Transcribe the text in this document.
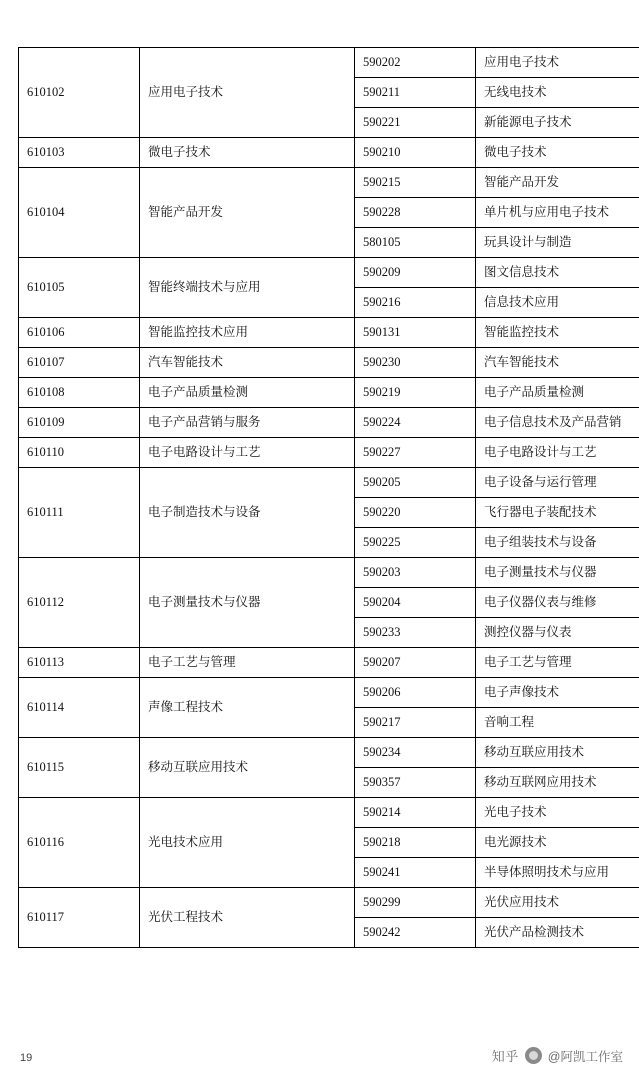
610102	应用电子技术	590202	应用电子技术
		590211	无线电技术
		590221	新能源电子技术
610103	微电子技术	590210	微电子技术
610104	智能产品开发	590215	智能产品开发
		590228	单片机与应用电子技术
		580105	玩具设计与制造
610105	智能终端技术与应用	590209	图文信息技术
		590216	信息技术应用
610106	智能监控技术应用	590131	智能监控技术
610107	汽车智能技术	590230	汽车智能技术
610108	电子产品质量检测	590219	电子产品质量检测
610109	电子产品营销与服务	590224	电子信息技术及产品营销
610110	电子电路设计与工艺	590227	电子电路设计与工艺
610111	电子制造技术与设备	590205	电子设备与运行管理
		590220	飞行器电子装配技术
		590225	电子组装技术与设备
610112	电子测量技术与仪器	590203	电子测量技术与仪器
		590204	电子仪器仪表与维修
		590233	测控仪器与仪表
610113	电子工艺与管理	590207	电子工艺与管理
610114	声像工程技术	590206	电子声像技术
		590217	音响工程
610115	移动互联应用技术	590234	移动互联应用技术
		590357	移动互联网应用技术
610116	光电技术应用	590214	光电子技术
		590218	电光源技术
		590241	半导体照明技术与应用
610117	光伏工程技术	590299	光伏应用技术
		590242	光伏产品检测技术
19	知乎 @阿凯工作室
